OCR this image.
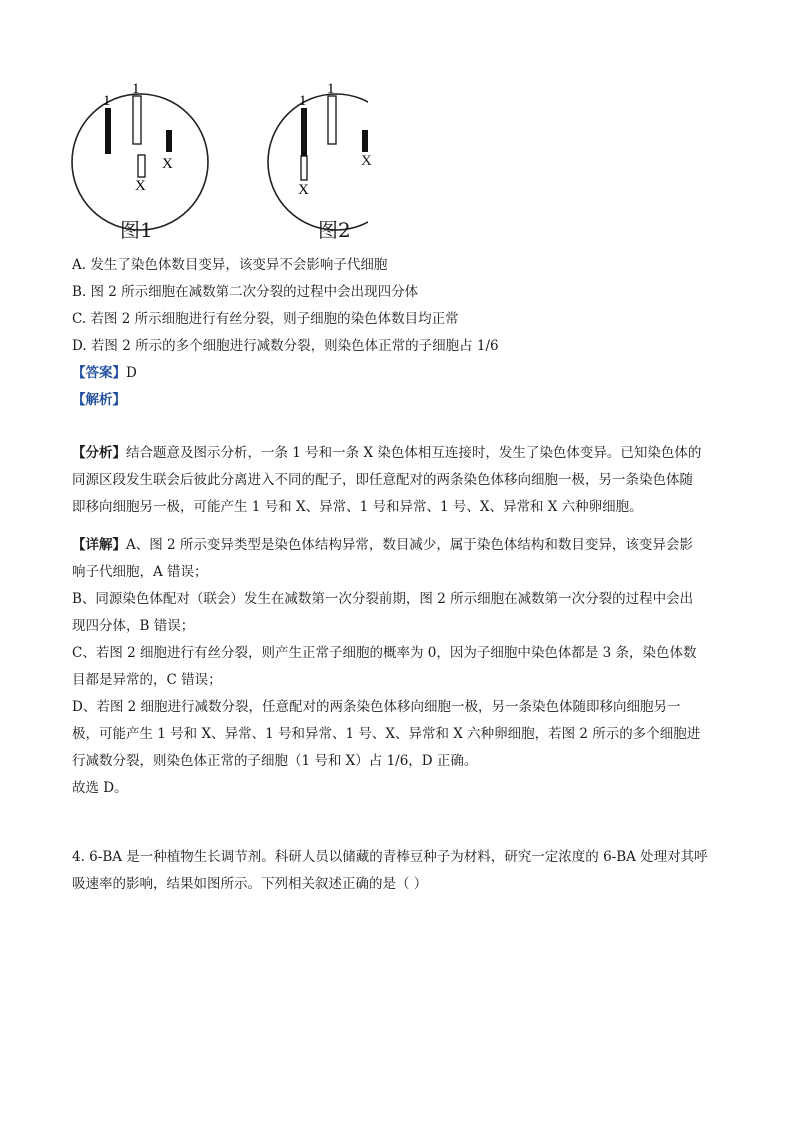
1
1
X
X
1
X
1
X
图1	图2
A. 发生了染色体数目变异，该变异不会影响子代细胞
B. 图 2 所示细胞在减数第二次分裂的过程中会出现四分体
C. 若图 2 所示细胞进行有丝分裂，则子细胞的染色体数目均正常
D. 若图 2 所示的多个细胞进行减数分裂，则染色体正常的子细胞占 1/6
【答案】D
【解析】
【分析】结合题意及图示分析，一条 1 号和一条 X 染色体相互连接时，发生了染色体变异。已知染色体的
同源区段发生联会后彼此分离进入不同的配子，即任意配对的两条染色体移向细胞一极，另一条染色体随
即移向细胞另一极，可能产生 1 号和 X、异常、1 号和异常、1 号、X、异常和 X 六种卵细胞。
【详解】A、图 2 所示变异类型是染色体结构异常，数目减少，属于染色体结构和数目变异，该变异会影
响子代细胞，A 错误；
B、同源染色体配对（联会）发生在减数第一次分裂前期，图 2 所示细胞在减数第一次分裂的过程中会出
现四分体，B 错误；
C、若图 2 细胞进行有丝分裂，则产生正常子细胞的概率为 0，因为子细胞中染色体都是 3 条，染色体数
目都是异常的，C 错误；
D、若图 2 细胞进行减数分裂，任意配对的两条染色体移向细胞一极，另一条染色体随即移向细胞另一
极，可能产生 1 号和 X、异常、1 号和异常、1 号、X、异常和 X 六种卵细胞，若图 2 所示的多个细胞进
行减数分裂，则染色体正常的子细胞（1 号和 X）占 1/6，D 正确。
故选 D。
4. 6-BA 是一种植物生长调节剂。科研人员以储藏的青棒豆种子为材料，研究一定浓度的 6-BA 处理对其呼
吸速率的影响，结果如图所示。下列相关叙述正确的是（ ）
